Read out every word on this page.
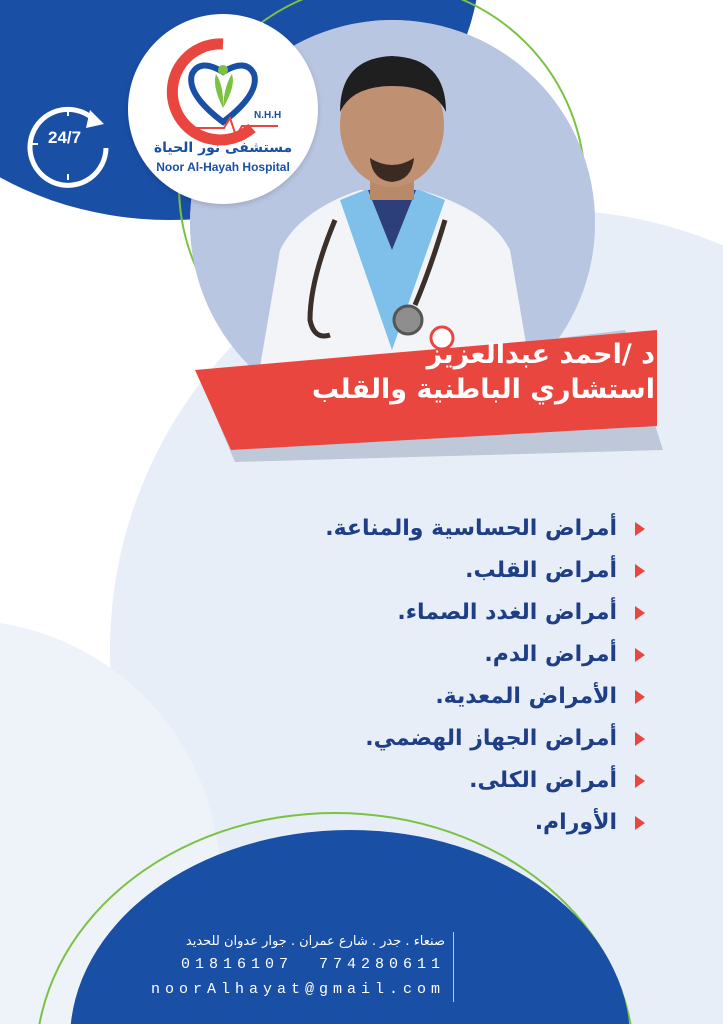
N.H.H
مستشفى نور الحياة
Noor Al-Hayah Hospital
24/7
د /احمد عبدالعزيز
استشاري الباطنية والقلب
أمراض الحساسية والمناعة.
أمراض القلب.
أمراض الغدد الصماء.
أمراض الدم.
الأمراض المعدية.
أمراض الجهاز الهضمي.
أمراض الكلى.
الأورام.
صنعاء . جدر . شارع عمران . جوار عدوان للحديد
01816107 774280611
noorAlhayat@gmail.com
